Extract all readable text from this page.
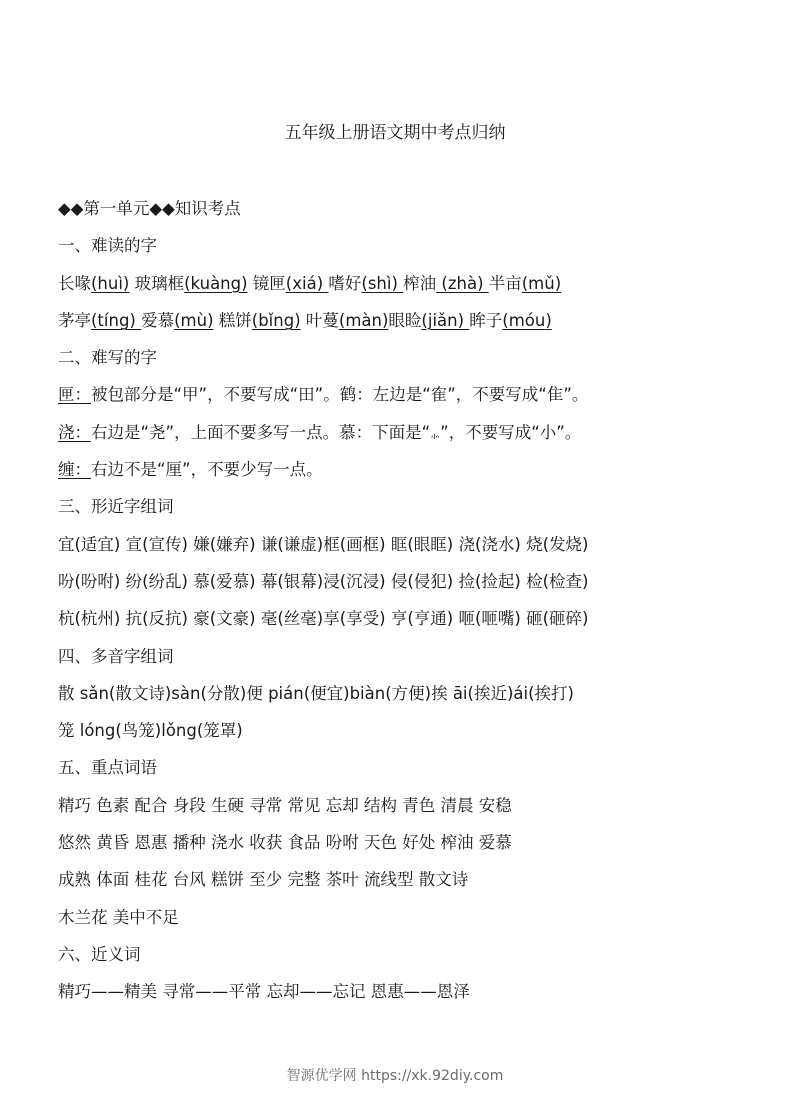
五年级上册语文期中考点归纳
◆◆第一单元◆◆知识考点
一、难读的字
长喙(huì) 玻璃框(kuàng) 镜匣(xiá) 嗜好(shì) 榨油 (zhà) 半亩(mǔ)
茅亭(tíng) 爱慕(mù) 糕饼(bǐng) 叶蔓(màn)眼睑(jiǎn) 眸子(móu)
二、难写的字
匣：被包部分是“甲”，不要写成“田”。鹤：左边是“隺”，不要写成“隹”。
浇：右边是“尧”，上面不要多写一点。慕：下面是“⺗”，不要写成“小”。
缠：右边不是“厘”，不要少写一点。
三、形近字组词
宜(适宜) 宣(宣传) 嫌(嫌弃) 谦(谦虚)框(画框) 眶(眼眶) 浇(浇水) 烧(发烧)
吩(吩咐) 纷(纷乱) 慕(爱慕) 幕(银幕)浸(沉浸) 侵(侵犯) 捡(捡起) 检(检查)
杭(杭州) 抗(反抗) 豪(文豪) 毫(丝毫)享(享受) 亨(亨通) 咂(咂嘴) 砸(砸碎)
四、多音字组词
散 sǎn(散文诗)sàn(分散)便 pián(便宜)biàn(方便)挨 āi(挨近)ái(挨打)
笼 lóng(鸟笼)lǒng(笼罩)
五、重点词语
精巧 色素 配合 身段 生硬 寻常 常见 忘却 结构 青色 清晨 安稳
悠然 黄昏 恩惠 播种 浇水 收获 食品 吩咐 天色 好处 榨油 爱慕
成熟 体面 桂花 台风 糕饼 至少 完整 茶叶 流线型 散文诗
木兰花 美中不足
六、近义词
精巧——精美 寻常——平常 忘却——忘记 恩惠——恩泽
智源优学网 https://xk.92diy.com
